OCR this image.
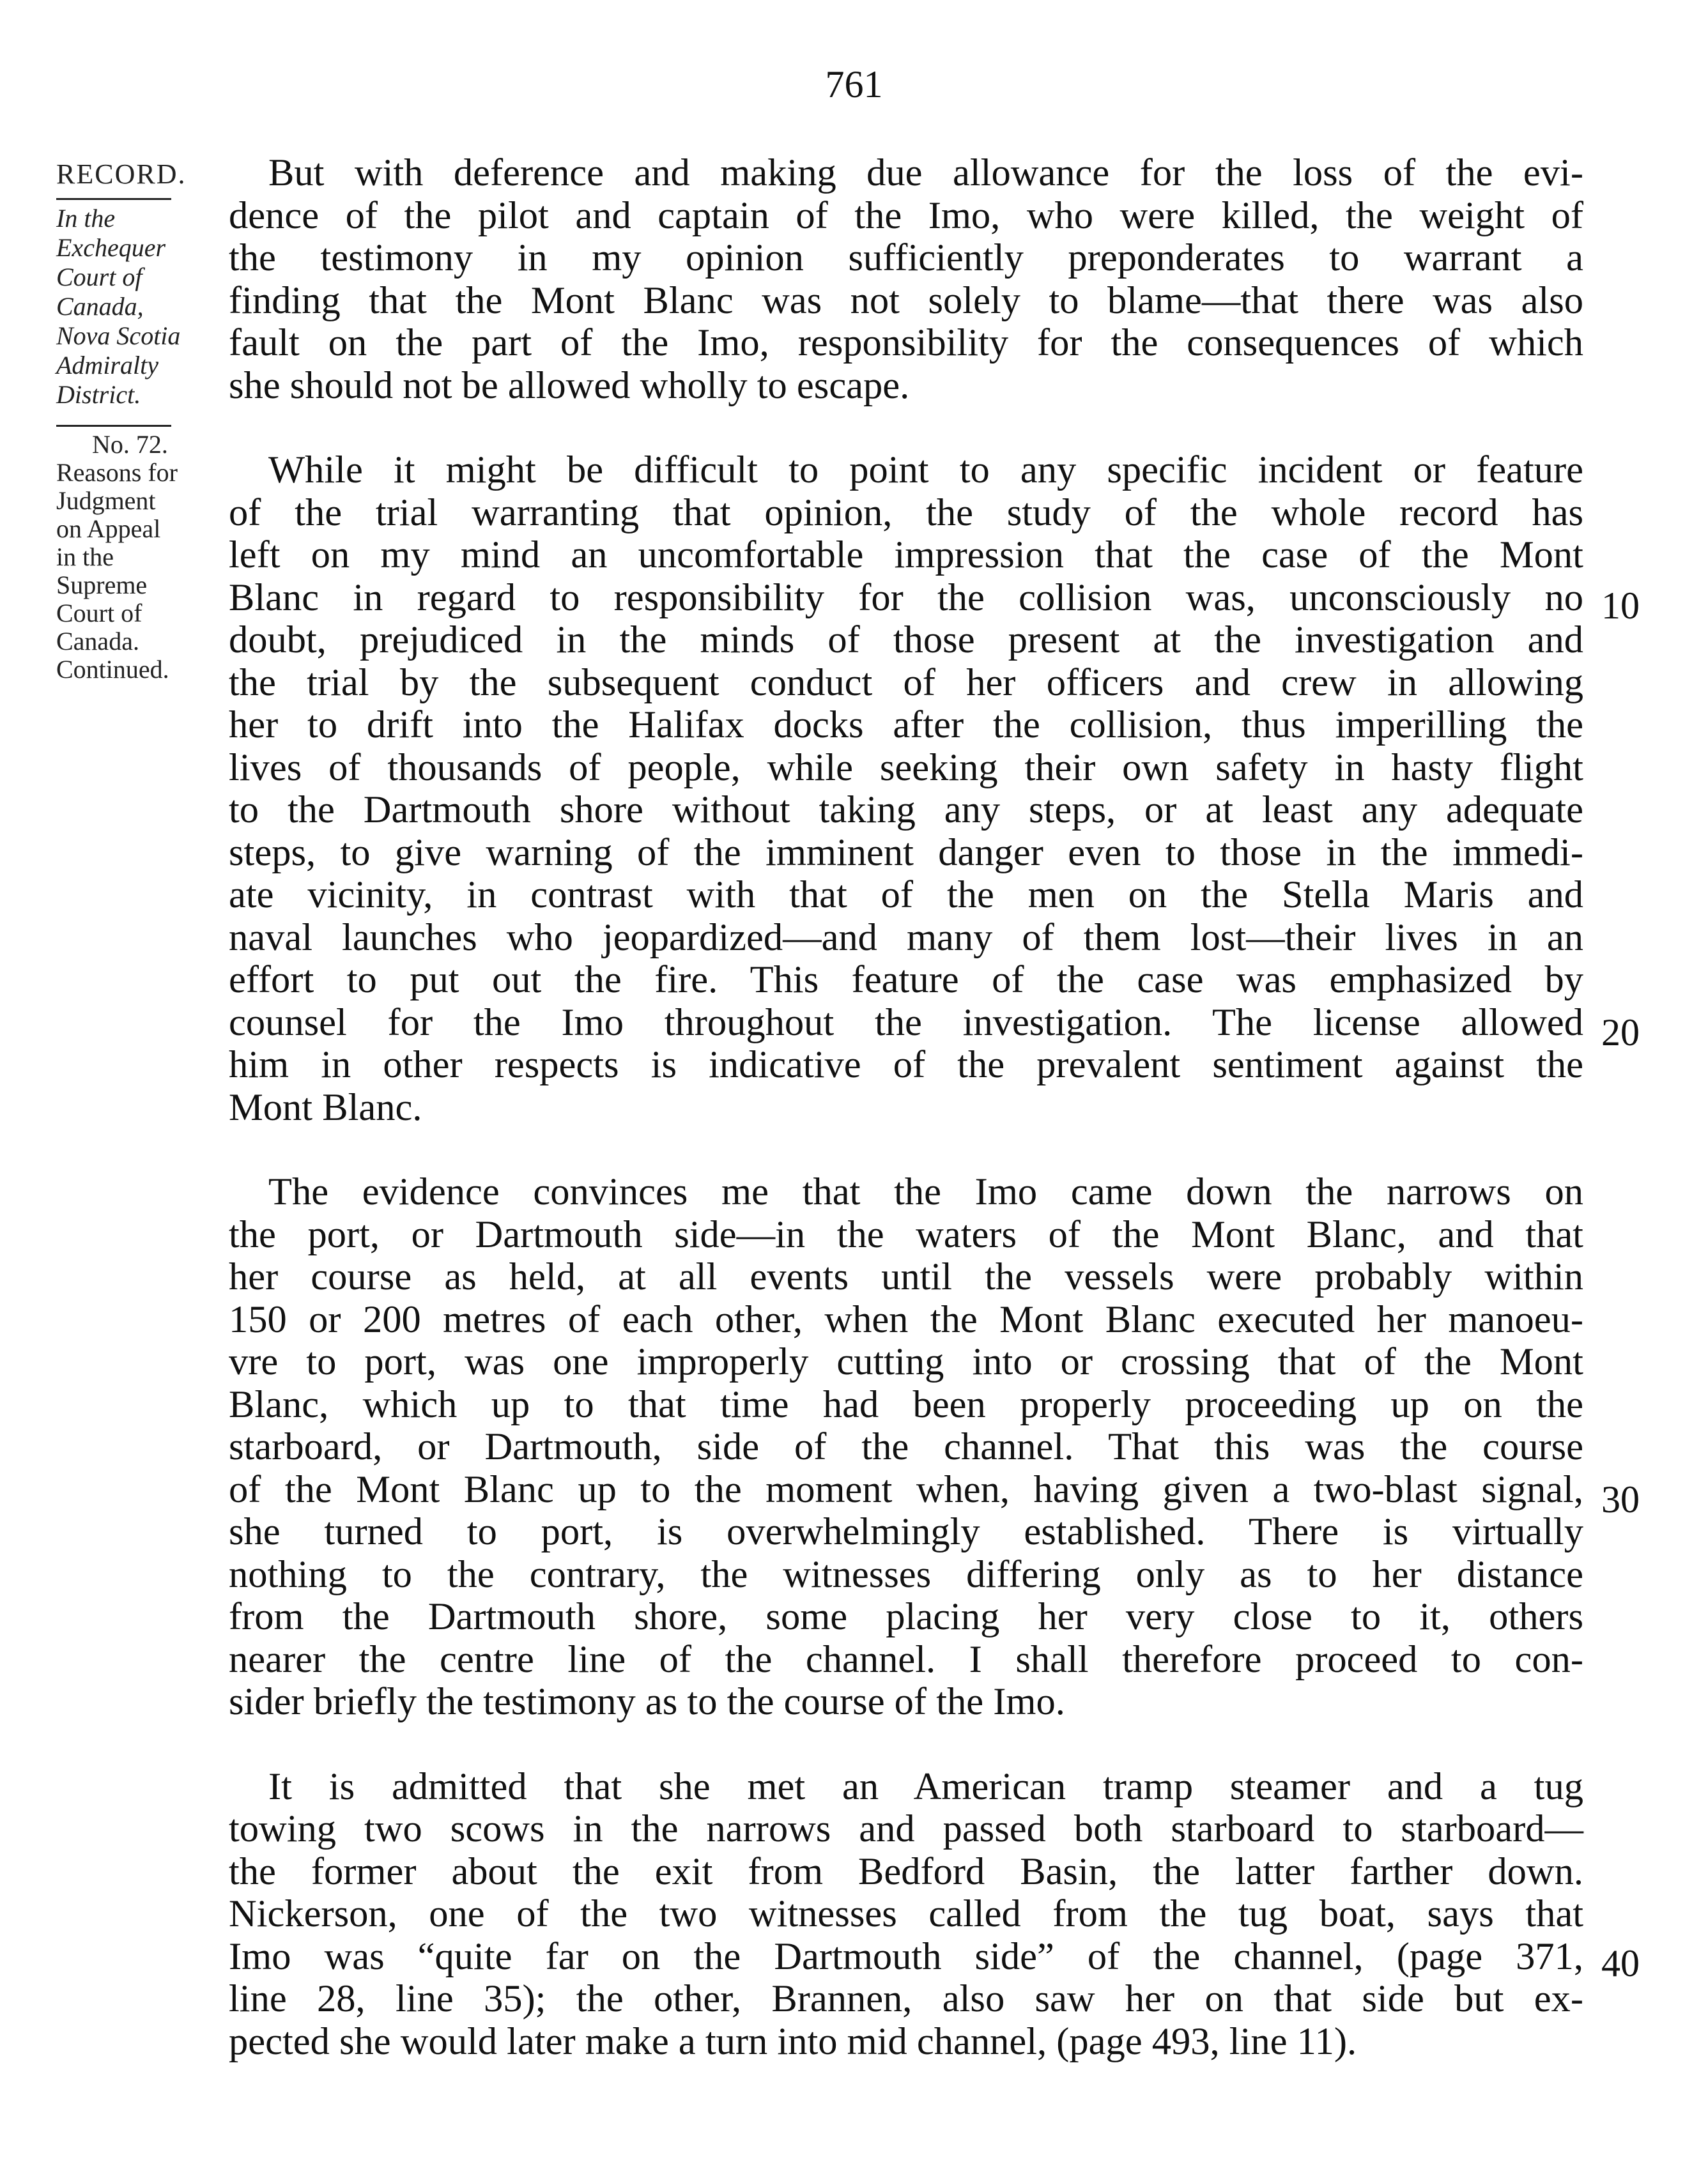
761
RECORD.
In the
Exchequer
Court of
Canada,
Nova Scotia
Admiralty
District.
No. 72.
Reasons for
Judgment
on Appeal
in the
Supreme
Court of
Canada.
Continued.
But with deference and making due allowance for the loss of the evi-
dence of the pilot and captain of the Imo, who were killed, the weight of
the testimony in my opinion sufficiently preponderates to warrant a
finding that the Mont Blanc was not solely to blame—that there was also
fault on the part of the Imo, responsibility for the consequences of which
she should not be allowed wholly to escape.
While it might be difficult to point to any specific incident or feature
of the trial warranting that opinion, the study of the whole record has
left on my mind an uncomfortable impression that the case of the Mont
Blanc in regard to responsibility for the collision was, unconsciously no
doubt, prejudiced in the minds of those present at the investigation and
the trial by the subsequent conduct of her officers and crew in allowing
her to drift into the Halifax docks after the collision, thus imperilling the
lives of thousands of people, while seeking their own safety in hasty flight
to the Dartmouth shore without taking any steps, or at least any adequate
steps, to give warning of the imminent danger even to those in the immedi-
ate vicinity, in contrast with that of the men on the Stella Maris and
naval launches who jeopardized—and many of them lost—their lives in an
effort to put out the fire. This feature of the case was emphasized by
counsel for the Imo throughout the investigation. The license allowed
him in other respects is indicative of the prevalent sentiment against the
Mont Blanc.
The evidence convinces me that the Imo came down the narrows on
the port, or Dartmouth side—in the waters of the Mont Blanc, and that
her course as held, at all events until the vessels were probably within
150 or 200 metres of each other, when the Mont Blanc executed her manoeu-
vre to port, was one improperly cutting into or crossing that of the Mont
Blanc, which up to that time had been properly proceeding up on the
starboard, or Dartmouth, side of the channel. That this was the course
of the Mont Blanc up to the moment when, having given a two-blast signal,
she turned to port, is overwhelmingly established. There is virtually
nothing to the contrary, the witnesses differing only as to her distance
from the Dartmouth shore, some placing her very close to it, others
nearer the centre line of the channel. I shall therefore proceed to con-
sider briefly the testimony as to the course of the Imo.
It is admitted that she met an American tramp steamer and a tug
towing two scows in the narrows and passed both starboard to starboard—
the former about the exit from Bedford Basin, the latter farther down.
Nickerson, one of the two witnesses called from the tug boat, says that
Imo was “quite far on the Dartmouth side” of the channel, (page 371,
line 28, line 35); the other, Brannen, also saw her on that side but ex-
pected she would later make a turn into mid channel, (page 493, line 11).
10
20
30
40
